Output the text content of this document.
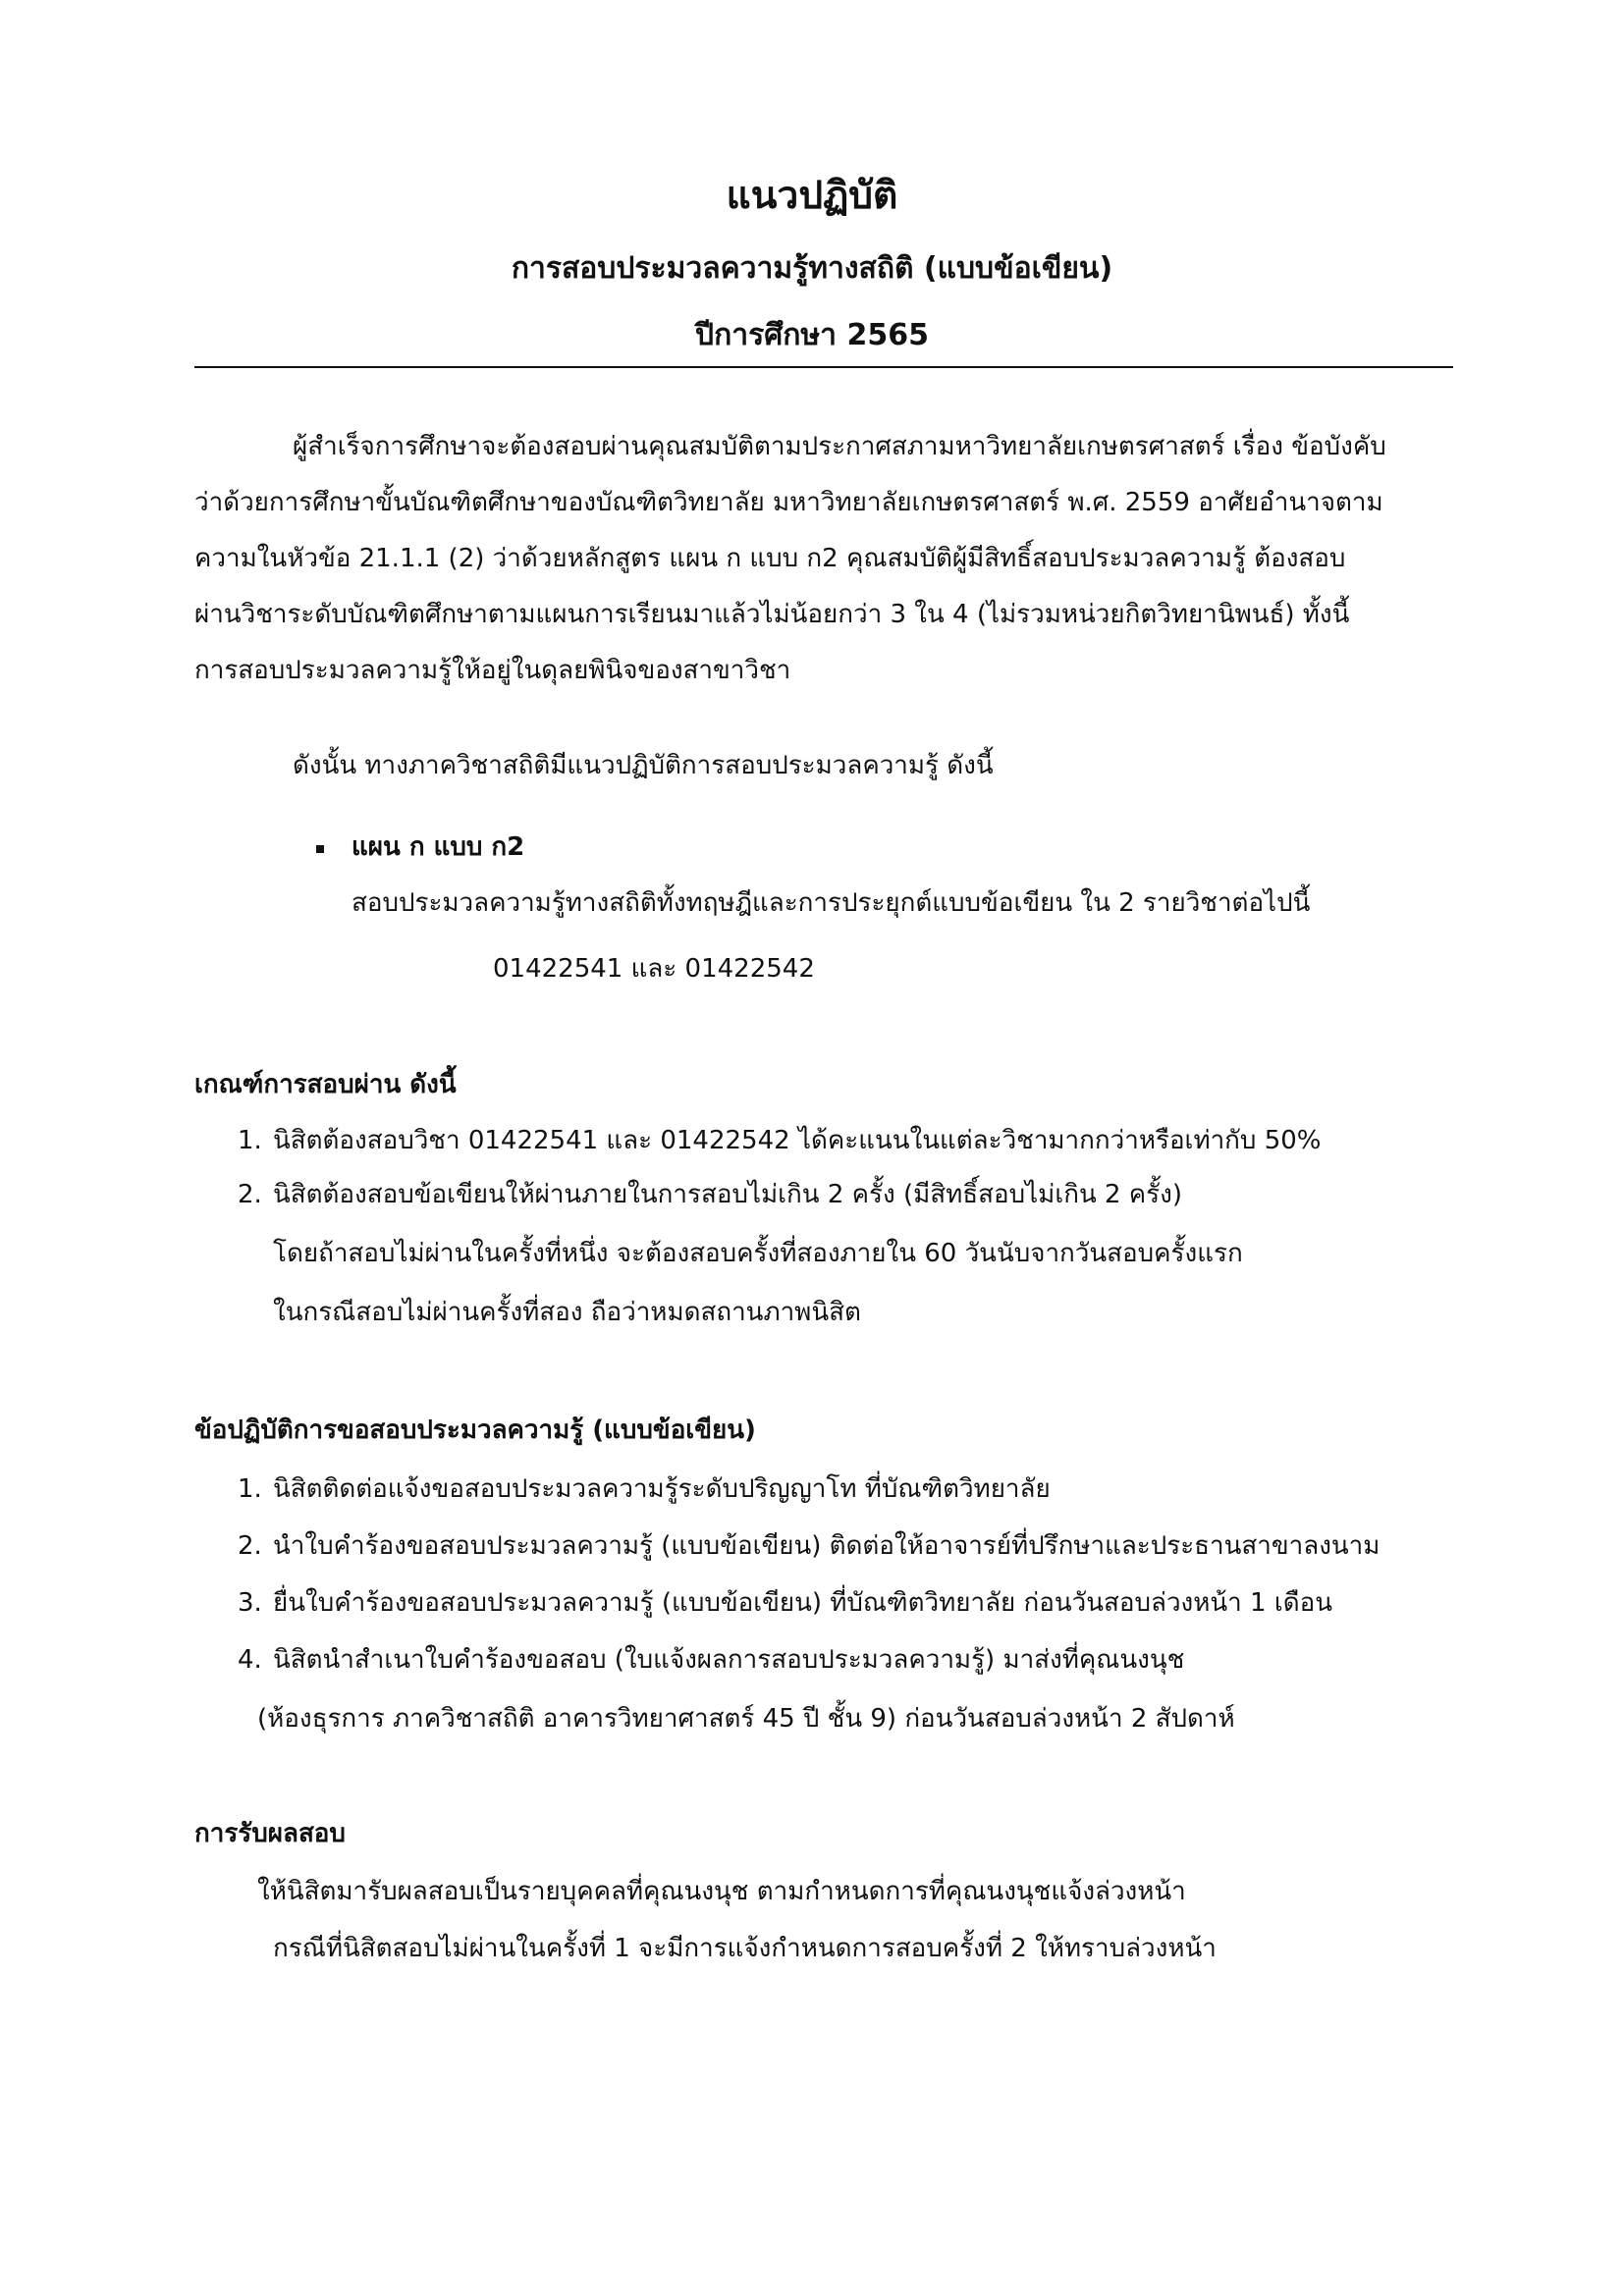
แนวปฏิบัติ
การสอบประมวลความรู้ทางสถิติ (แบบข้อเขียน)
ปีการศึกษา 2565
ผู้สำเร็จการศึกษาจะต้องสอบผ่านคุณสมบัติตามประกาศสภามหาวิทยาลัยเกษตรศาสตร์ เรื่อง ข้อบังคับ
ว่าด้วยการศึกษาขั้นบัณฑิตศึกษาของบัณฑิตวิทยาลัย มหาวิทยาลัยเกษตรศาสตร์ พ.ศ. 2559 อาศัยอำนาจตาม
ความในหัวข้อ 21.1.1 (2) ว่าด้วยหลักสูตร แผน ก แบบ ก2 คุณสมบัติผู้มีสิทธิ์สอบประมวลความรู้ ต้องสอบ
ผ่านวิชาระดับบัณฑิตศึกษาตามแผนการเรียนมาแล้วไม่น้อยกว่า 3 ใน 4 (ไม่รวมหน่วยกิตวิทยานิพนธ์) ทั้งนี้
การสอบประมวลความรู้ให้อยู่ในดุลยพินิจของสาขาวิชา
ดังนั้น ทางภาควิชาสถิติมีแนวปฏิบัติการสอบประมวลความรู้ ดังนี้
แผน ก แบบ ก2
สอบประมวลความรู้ทางสถิติทั้งทฤษฎีและการประยุกต์แบบข้อเขียน ใน 2 รายวิชาต่อไปนี้
01422541 และ 01422542
เกณฑ์การสอบผ่าน ดังนี้
1. นิสิตต้องสอบวิชา 01422541 และ 01422542 ได้คะแนนในแต่ละวิชามากกว่าหรือเท่ากับ 50%
2. นิสิตต้องสอบข้อเขียนให้ผ่านภายในการสอบไม่เกิน 2 ครั้ง (มีสิทธิ์สอบไม่เกิน 2 ครั้ง)
โดยถ้าสอบไม่ผ่านในครั้งที่หนึ่ง จะต้องสอบครั้งที่สองภายใน 60 วันนับจากวันสอบครั้งแรก
ในกรณีสอบไม่ผ่านครั้งที่สอง ถือว่าหมดสถานภาพนิสิต
ข้อปฏิบัติการขอสอบประมวลความรู้ (แบบข้อเขียน)
1. นิสิตติดต่อแจ้งขอสอบประมวลความรู้ระดับปริญญาโท ที่บัณฑิตวิทยาลัย
2. นำใบคำร้องขอสอบประมวลความรู้ (แบบข้อเขียน) ติดต่อให้อาจารย์ที่ปรึกษาและประธานสาขาลงนาม
3. ยื่นใบคำร้องขอสอบประมวลความรู้ (แบบข้อเขียน) ที่บัณฑิตวิทยาลัย ก่อนวันสอบล่วงหน้า 1 เดือน
4. นิสิตนำสำเนาใบคำร้องขอสอบ (ใบแจ้งผลการสอบประมวลความรู้) มาส่งที่คุณนงนุช
(ห้องธุรการ ภาควิชาสถิติ อาคารวิทยาศาสตร์ 45 ปี ชั้น 9) ก่อนวันสอบล่วงหน้า 2 สัปดาห์
การรับผลสอบ
ให้นิสิตมารับผลสอบเป็นรายบุคคลที่คุณนงนุช ตามกำหนดการที่คุณนงนุชแจ้งล่วงหน้า
กรณีที่นิสิตสอบไม่ผ่านในครั้งที่ 1 จะมีการแจ้งกำหนดการสอบครั้งที่ 2 ให้ทราบล่วงหน้า
